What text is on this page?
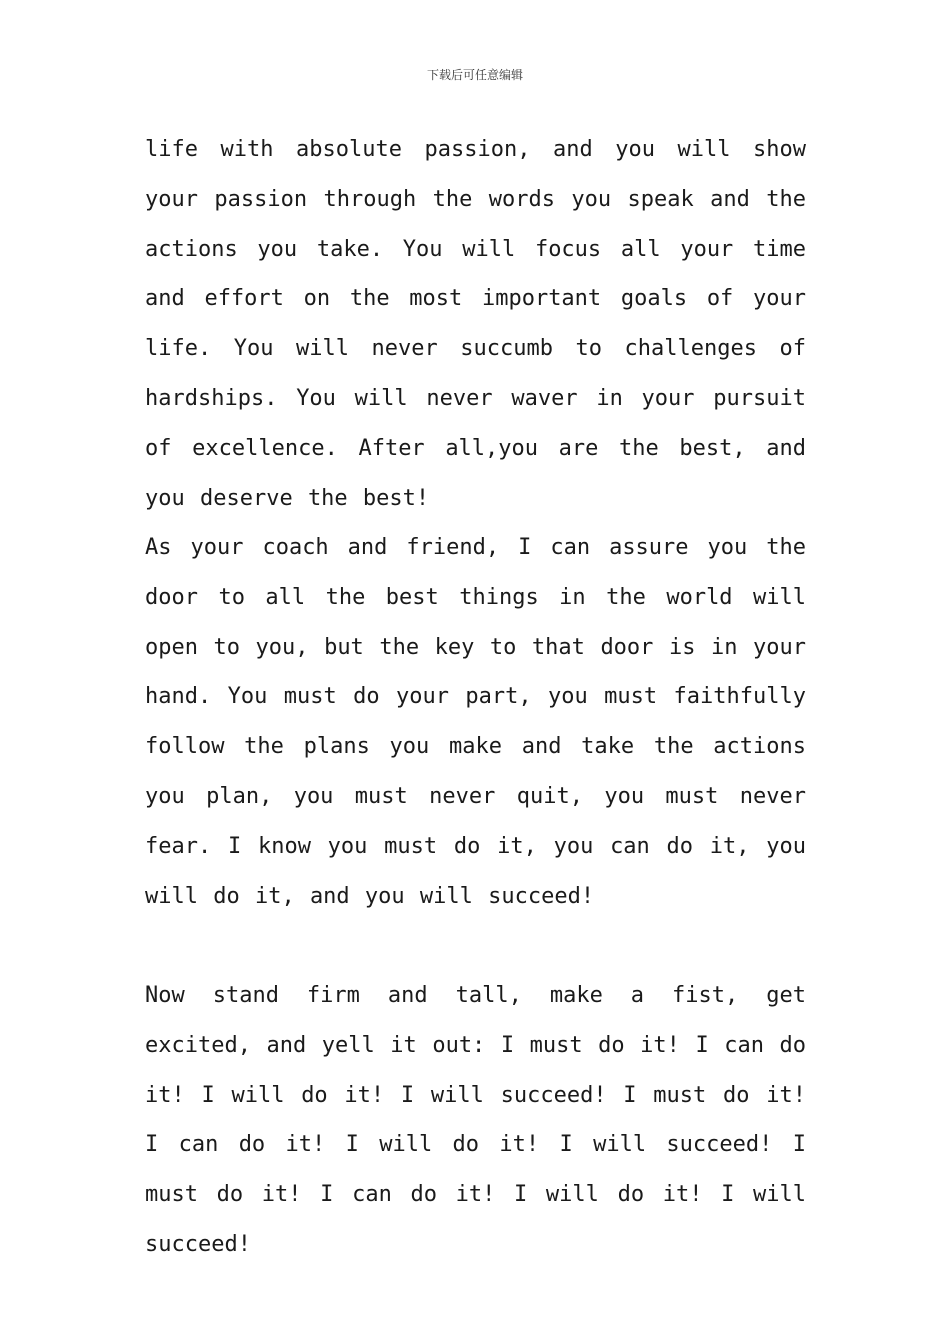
下载后可任意编辑

life with absolute passion, and you will show your passion through the words you speak and the actions you take. You will focus all your time and effort on the most important goals of your life. You will never succumb to challenges of hardships. You will never waver in your pursuit of excellence. After all,you are the best, and you deserve the best!

As your coach and friend, I can assure you the door to all the best things in the world will open to you, but the key to that door is in your hand. You must do your part, you must faithfully follow the plans you make and take the actions you plan, you must never quit, you must never fear. I know you must do it, you can do it, you will do it, and you will succeed!

Now stand firm and tall, make a fist, get excited, and yell it out: I must do it! I can do it! I will do it! I will succeed! I must do it! I can do it! I will do it! I will succeed! I must do it! I can do it! I will do it! I will succeed!
